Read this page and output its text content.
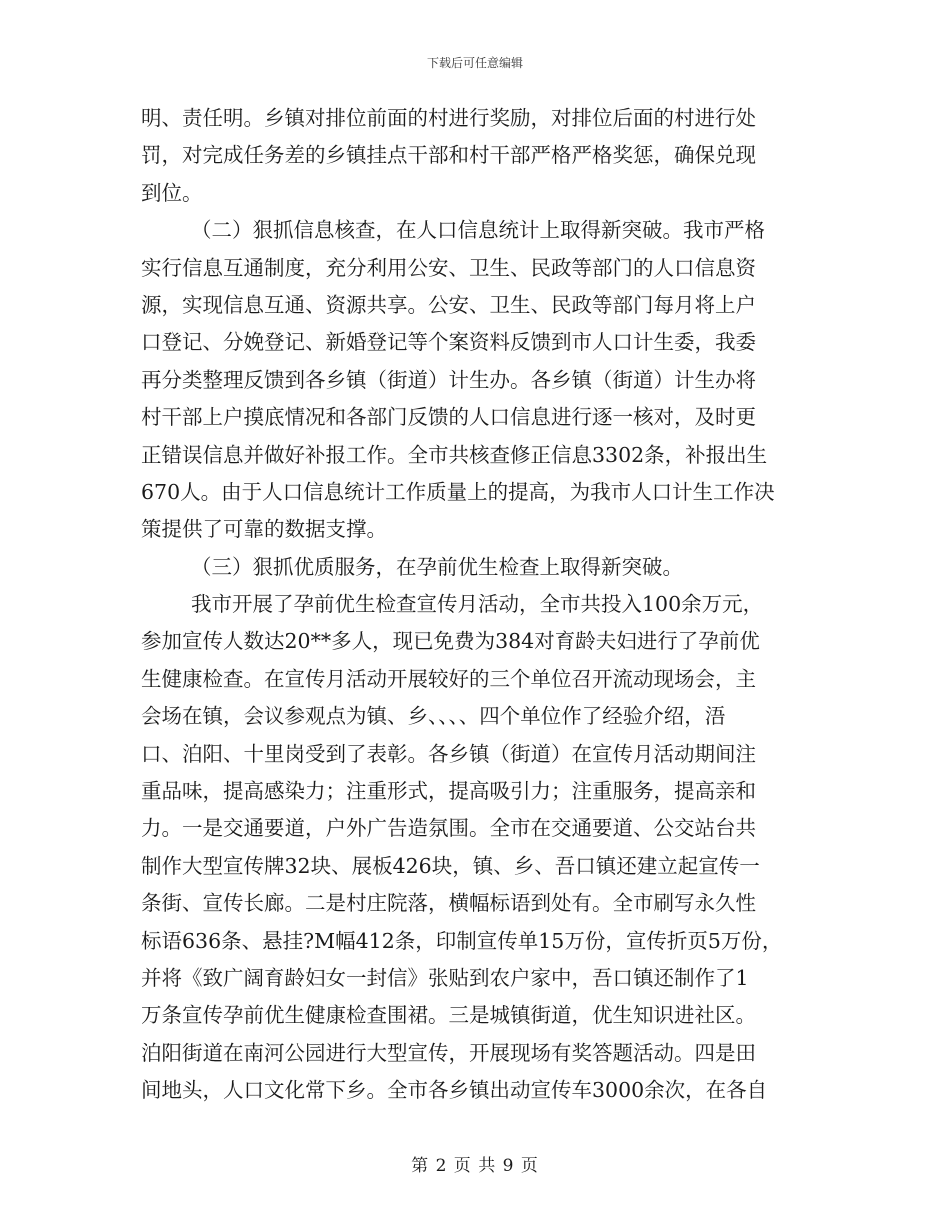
下载后可任意编辑
明、责任明。乡镇对排位前面的村进行奖励，对排位后面的村进行处
罚，对完成任务差的乡镇挂点干部和村干部严格严格奖惩，确保兑现
到位。
（二）狠抓信息核查，在人口信息统计上取得新突破。我市严格
实行信息互通制度，充分利用公安、卫生、民政等部门的人口信息资
源，实现信息互通、资源共享。公安、卫生、民政等部门每月将上户
口登记、分娩登记、新婚登记等个案资料反馈到市人口计生委，我委
再分类整理反馈到各乡镇（街道）计生办。各乡镇（街道）计生办将
村干部上户摸底情况和各部门反馈的人口信息进行逐一核对，及时更
正错误信息并做好补报工作。全市共核查修正信息3302条，补报出生
670人。由于人口信息统计工作质量上的提高，为我市人口计生工作决
策提供了可靠的数据支撑。
（三）狠抓优质服务，在孕前优生检查上取得新突破。
我市开展了孕前优生检查宣传月活动，全市共投入100余万元，
参加宣传人数达20**多人，现已免费为384对育龄夫妇进行了孕前优
生健康检查。在宣传月活动开展较好的三个单位召开流动现场会，主
会场在镇，会议参观点为镇、乡、、、、四个单位作了经验介绍，浯
口、泊阳、十里岗受到了表彰。各乡镇（街道）在宣传月活动期间注
重品味，提高感染力；注重形式，提高吸引力；注重服务，提高亲和
力。一是交通要道，户外广告造氛围。全市在交通要道、公交站台共
制作大型宣传牌32块、展板426块，镇、乡、吾口镇还建立起宣传一
条街、宣传长廊。二是村庄院落，横幅标语到处有。全市刷写永久性
标语636条、悬挂?M幅412条，印制宣传单15万份，宣传折页5万份，
并将《致广阔育龄妇女一封信》张贴到农户家中，吾口镇还制作了1
万条宣传孕前优生健康检查围裙。三是城镇街道，优生知识进社区。
泊阳街道在南河公园进行大型宣传，开展现场有奖答题活动。四是田
间地头，人口文化常下乡。全市各乡镇出动宣传车3000余次，在各自
第 2 页 共 9 页
